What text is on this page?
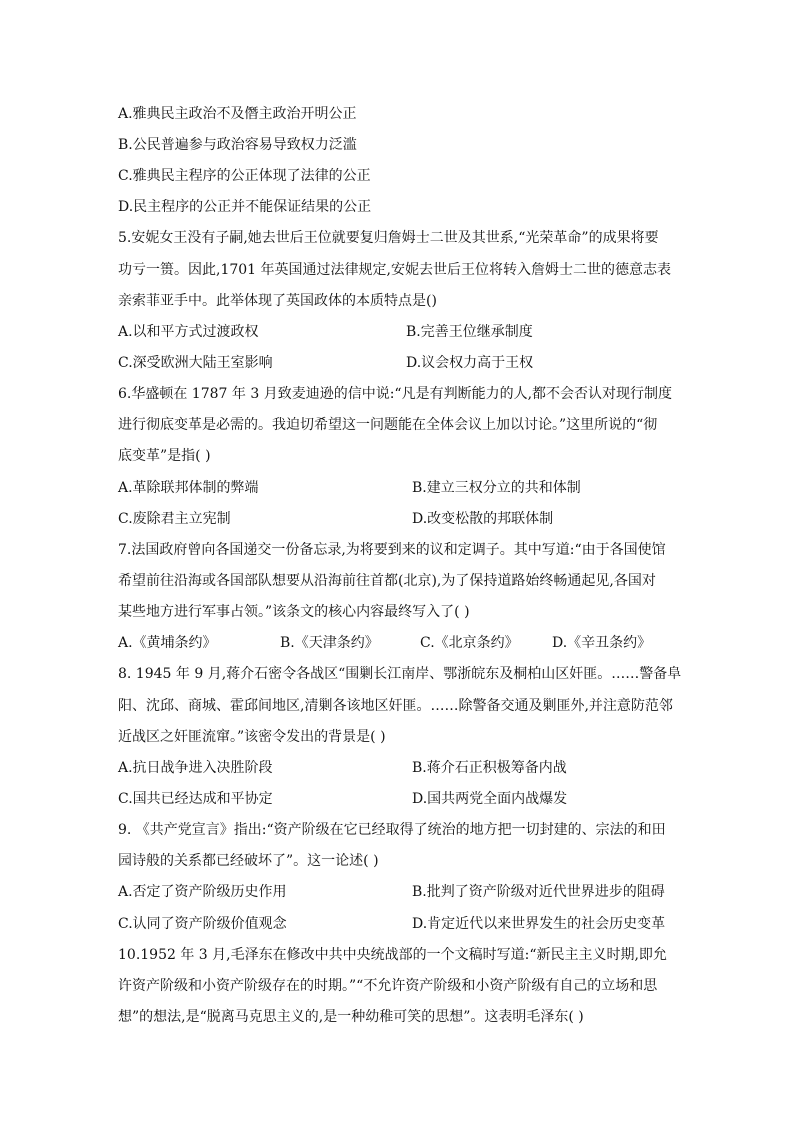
A.雅典民主政治不及僭主政治开明公正
B.公民普遍参与政治容易导致权力泛滥
C.雅典民主程序的公正体现了法律的公正
D.民主程序的公正并不能保证结果的公正
5.安妮女王没有子嗣,她去世后王位就要复归詹姆士二世及其世系,“光荣革命”的成果将要
功亏一篑。因此,1701 年英国通过法律规定,安妮去世后王位将转入詹姆士二世的德意志表
亲索菲亚手中。此举体现了英国政体的本质特点是()
A.以和平方式过渡政权	B.完善王位继承制度
C.深受欧洲大陆王室影响	D.议会权力高于王权
6.华盛顿在 1787 年 3 月致麦迪逊的信中说:“凡是有判断能力的人,都不会否认对现行制度
进行彻底变革是必需的。我迫切希望这一问题能在全体会议上加以讨论。”这里所说的“彻
底变革”是指( )
A.革除联邦体制的弊端	B.建立三权分立的共和体制
C.废除君主立宪制	D.改变松散的邦联体制
7.法国政府曾向各国递交一份备忘录,为将要到来的议和定调子。其中写道:“由于各国使馆
希望前往沿海或各国部队想要从沿海前往首都(北京),为了保持道路始终畅通起见,各国对
某些地方进行军事占领。”该条文的核心内容最终写入了( )
A.《黄埔条约》	B.《天津条约》	C.《北京条约》 D.《辛丑条约》
8. 1945 年 9 月,蒋介石密令各战区“围剿长江南岸、鄂浙皖东及桐柏山区奸匪。……警备阜
阳、沈邱、商城、霍邱间地区,清剿各该地区奸匪。……除警备交通及剿匪外,并注意防范邻
近战区之奸匪流窜。”该密令发出的背景是( )
A.抗日战争进入决胜阶段	B.蒋介石正积极筹备内战
C.国共已经达成和平协定	D.国共两党全面内战爆发
9. 《共产党宣言》指出:“资产阶级在它已经取得了统治的地方把一切封建的、宗法的和田
园诗般的关系都已经破坏了”。这一论述( )
A.否定了资产阶级历史作用	B.批判了资产阶级对近代世界进步的阻碍
C.认同了资产阶级价值观念	D.肯定近代以来世界发生的社会历史变革
10.1952 年 3 月,毛泽东在修改中共中央统战部的一个文稿时写道:“新民主主义时期,即允
许资产阶级和小资产阶级存在的时期。”“不允许资产阶级和小资产阶级有自己的立场和思
想”的想法,是“脱离马克思主义的,是一种幼稚可笑的思想”。这表明毛泽东( )
